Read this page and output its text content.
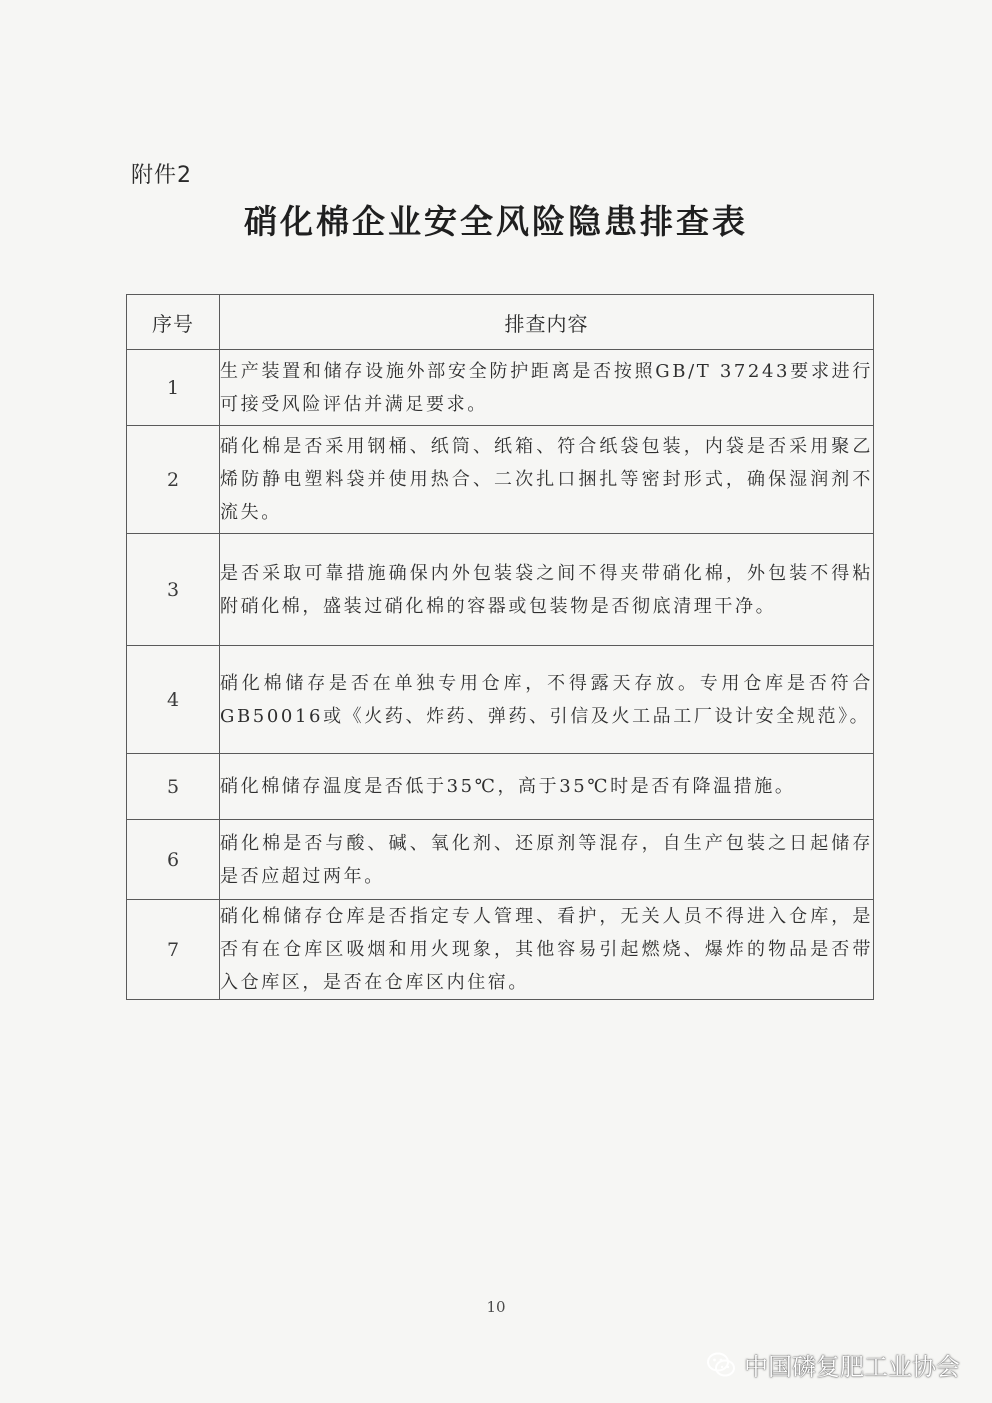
附件2
硝化棉企业安全风险隐患排查表
序号	排查内容
1	生产装置和储存设施外部安全防护距离是否按照GB/T 37243要求进行可接受风险评估并满足要求。
2	硝化棉是否采用钢桶、纸筒、纸箱、符合纸袋包装，内袋是否采用聚乙烯防静电塑料袋并使用热合、二次扎口捆扎等密封形式，确保湿润剂不流失。
3	是否采取可靠措施确保内外包装袋之间不得夹带硝化棉，外包装不得粘附硝化棉，盛装过硝化棉的容器或包装物是否彻底清理干净。
4	硝化棉储存是否在单独专用仓库，不得露天存放。专用仓库是否符合GB50016或《火药、炸药、弹药、引信及火工品工厂设计安全规范》。
5	硝化棉储存温度是否低于35℃，高于35℃时是否有降温措施。
6	硝化棉是否与酸、碱、氧化剂、还原剂等混存，自生产包装之日起储存是否应超过两年。
7	硝化棉储存仓库是否指定专人管理、看护，无关人员不得进入仓库，是否有在仓库区吸烟和用火现象，其他容易引起燃烧、爆炸的物品是否带入仓库区，是否在仓库区内住宿。
10
中国磷复肥工业协会
